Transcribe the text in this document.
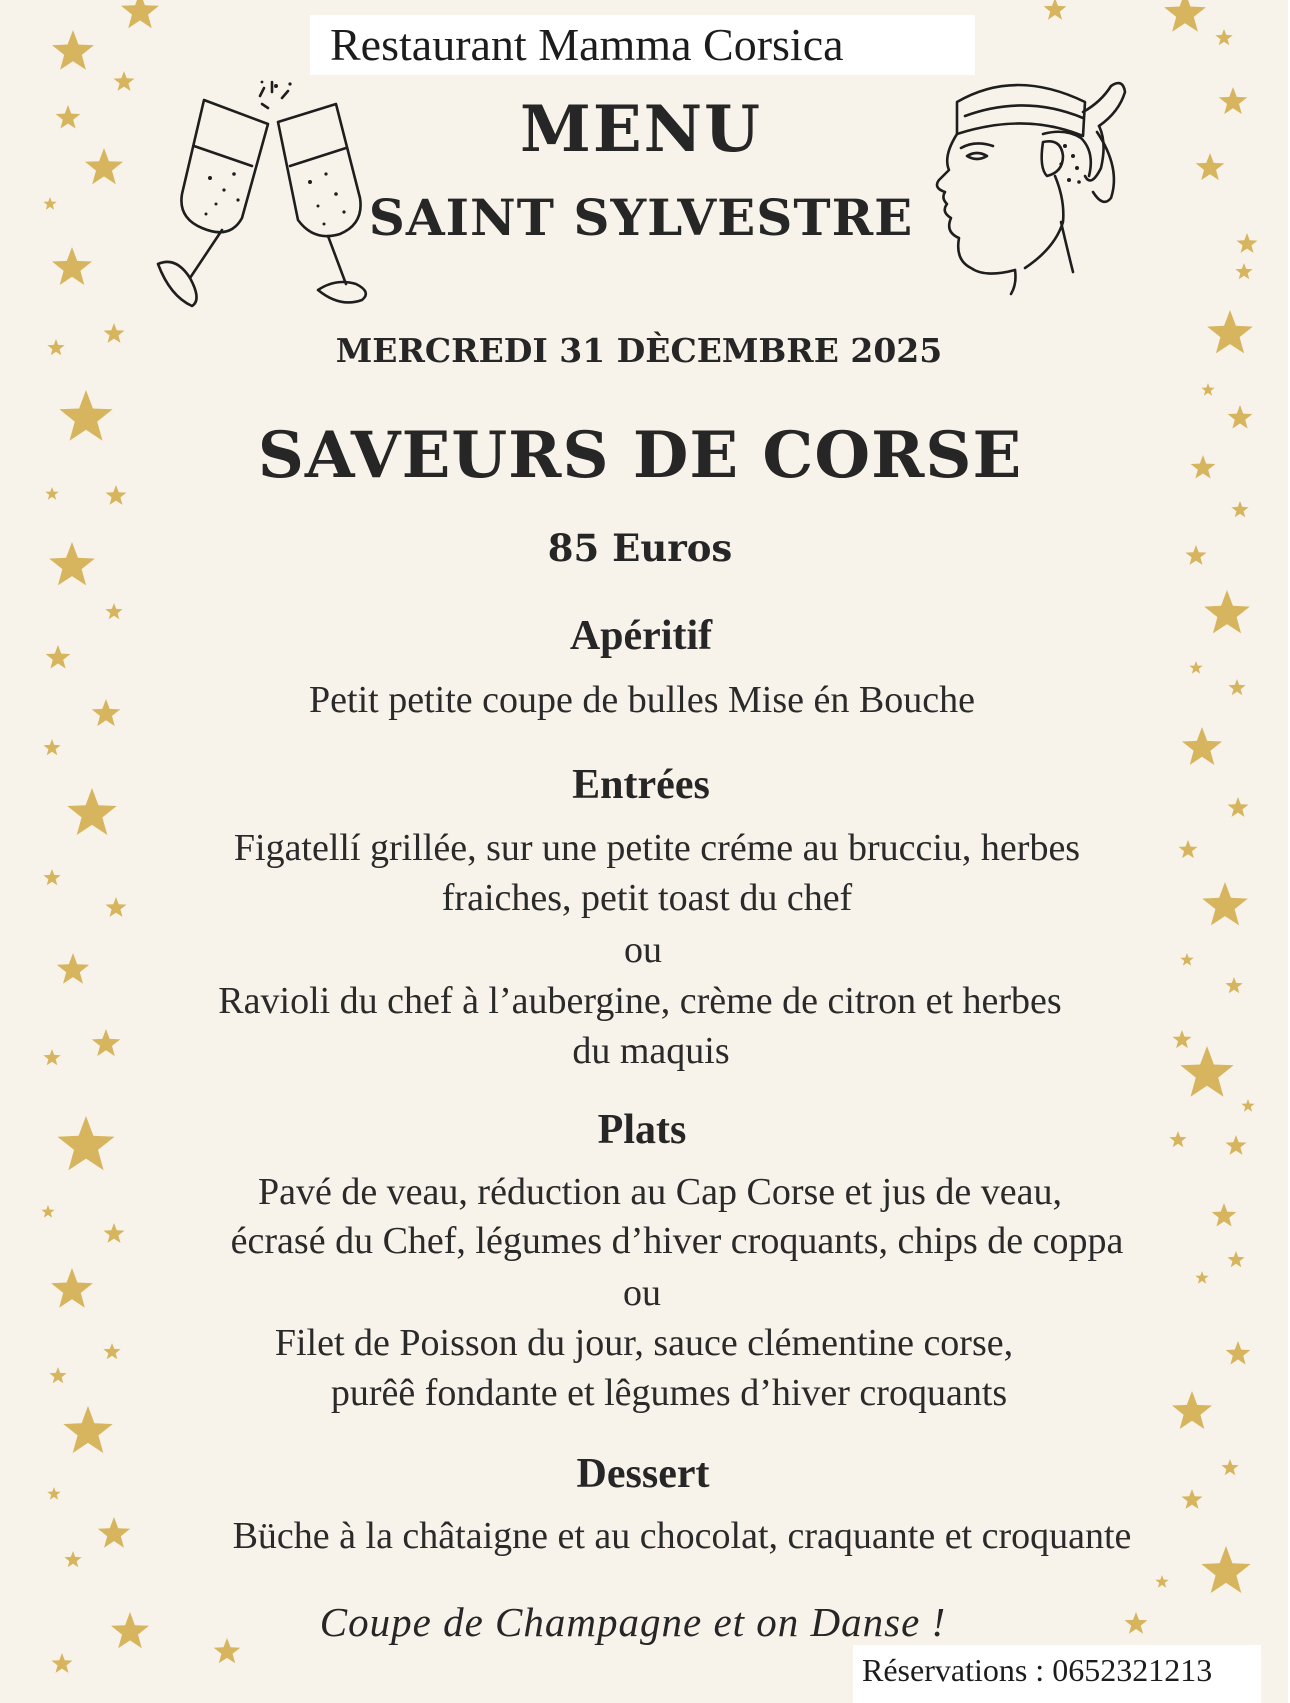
Restaurant Mamma Corsica
MENU
SAINT SYLVESTRE
MERCREDI 31 DÈCEMBRE 2025
SAVEURS DE CORSE
85 Euros
Apéritif
Petit petite coupe de bulles Mise én Bouche
Entrées
Figatellí grillée, sur une petite créme au brucciu, herbes
fraiches, petit toast du chef
ou
Ravioli du chef à l’aubergine, crème de citron et herbes
du maquis
Plats
Pavé de veau, réduction au Cap Corse et jus de veau,
écrasé du Chef, légumes d’hiver croquants, chips de coppa
ou
Filet de Poisson du jour, sauce clémentine corse,
purêê fondante et lêgumes d’hiver croquants
Dessert
Büche à la châtaigne et au chocolat, craquante et croquante
Coupe de Champagne et on Danse !
Réservations : 0652321213
